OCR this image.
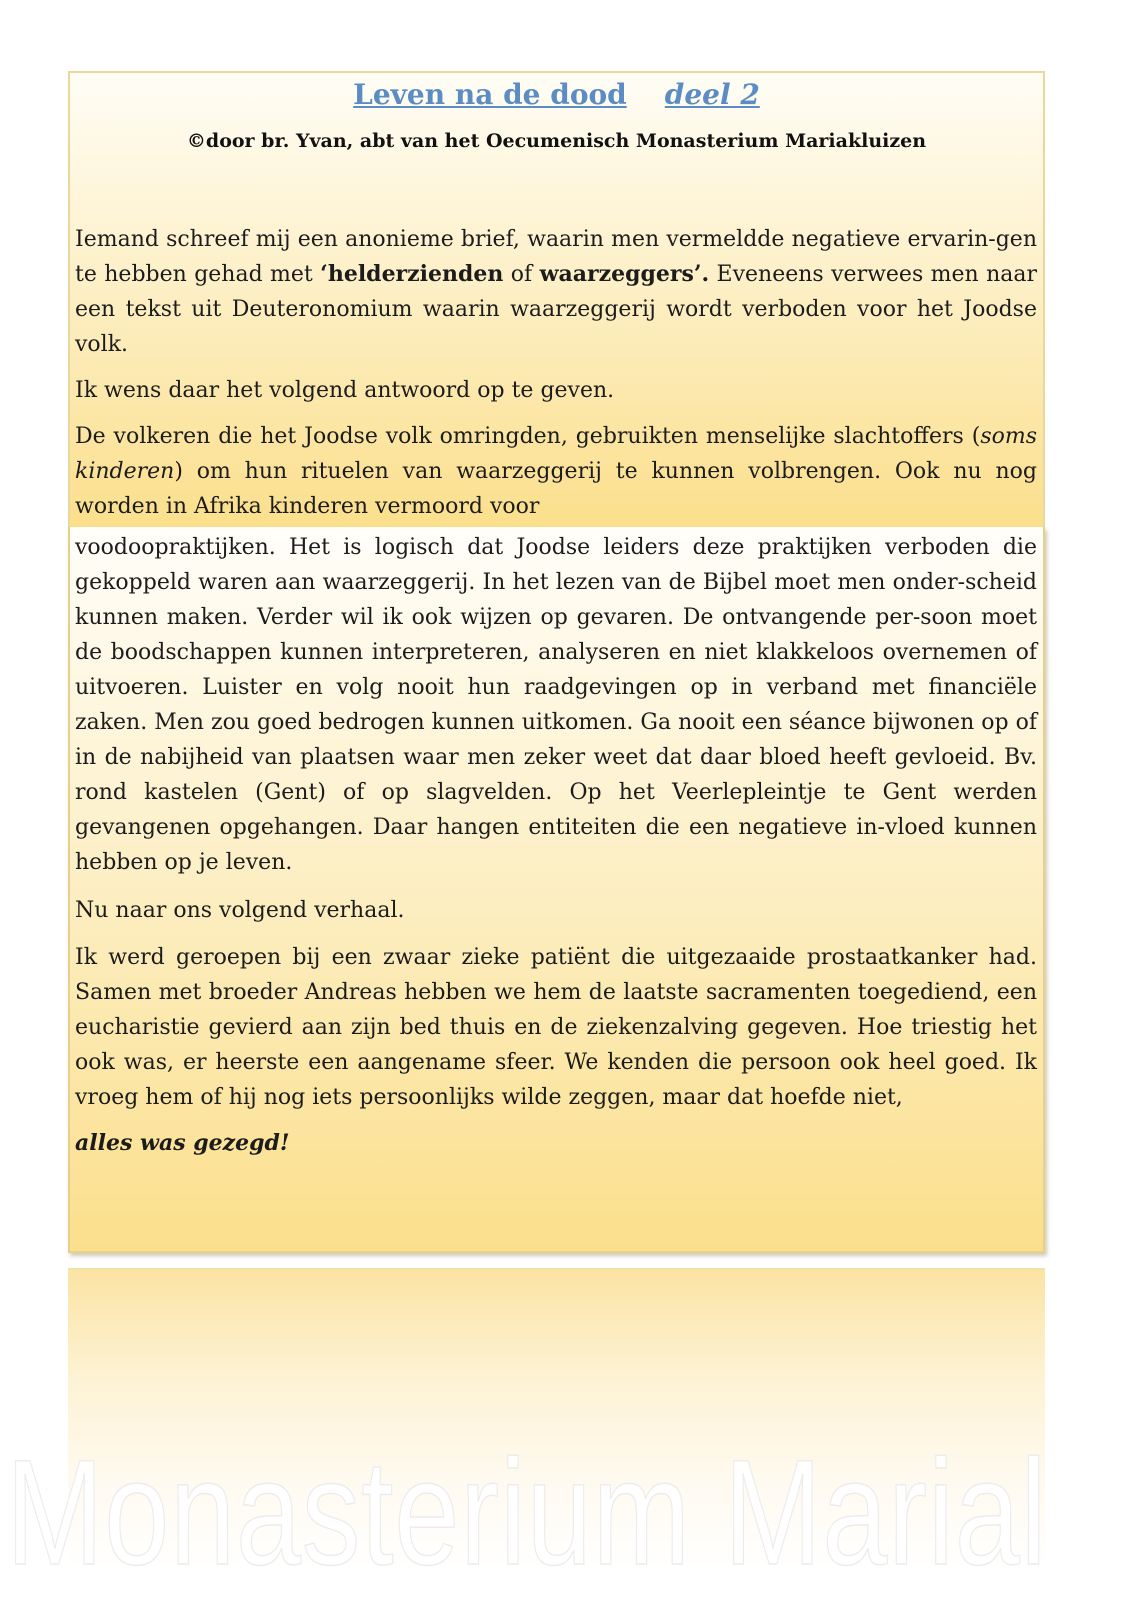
Monasterium Marial
Leven na de dood deel 2

©door br. Yvan, abt van het Oecumenisch Monasterium Mariakluizen

Iemand schreef mij een anonieme brief, waarin men vermeldde negatieve ervarin-gen te hebben gehad met ‘helderzienden of waarzeggers’. Eveneens verwees men naar een tekst uit Deuteronomium waarin waarzeggerij wordt verboden voor het Joodse volk.

Ik wens daar het volgend antwoord op te geven.

De volkeren die het Joodse volk omringden, gebruikten menselijke slachtoffers (soms kinderen) om hun rituelen van waarzeggerij te kunnen volbrengen. Ook nu nog worden in Afrika kinderen vermoord voor

voodoopraktijken. Het is logisch dat Joodse leiders deze praktijken verboden die gekoppeld waren aan waarzeggerij. In het lezen van de Bijbel moet men onder-scheid kunnen maken. Verder wil ik ook wijzen op gevaren. De ontvangende per-soon moet de boodschappen kunnen interpreteren, analyseren en niet klakkeloos overnemen of uitvoeren. Luister en volg nooit hun raadgevingen op in verband met financiële zaken. Men zou goed bedrogen kunnen uitkomen. Ga nooit een séance bijwonen op of in de nabijheid van plaatsen waar men zeker weet dat daar bloed heeft gevloeid. Bv. rond kastelen (Gent) of op slagvelden. Op het Veerlepleintje te Gent werden gevangenen opgehangen. Daar hangen entiteiten die een negatieve in-vloed kunnen hebben op je leven.

Nu naar ons volgend verhaal.

Ik werd geroepen bij een zwaar zieke patiënt die uitgezaaide prostaatkanker had. Samen met broeder Andreas hebben we hem de laatste sacramenten toegediend, een eucharistie gevierd aan zijn bed thuis en de ziekenzalving gegeven. Hoe triestig het ook was, er heerste een aangename sfeer. We kenden die persoon ook heel goed. Ik vroeg hem of hij nog iets persoonlijks wilde zeggen, maar dat hoefde niet,

alles was gezegd!
